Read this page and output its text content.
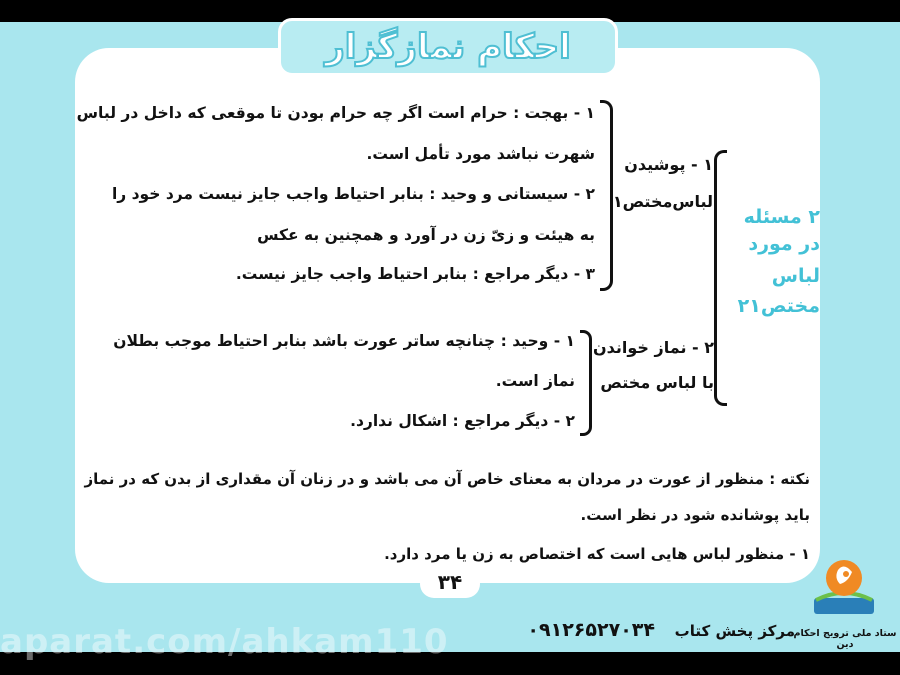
احکام نمازگزار
۲ مسئله
در مورد
لباس
مختص۲۱
۱ - پوشیدن
لباس‌مختص۱
۱ - بهجت : حرام است اگر چه حرام بودن تا موقعی که داخل در لباس
شهرت نباشد مورد تأمل است.
۲ - سیستانی و وحید : بنابر احتیاط واجب جایز نیست مرد خود را
به هیئت و زیّ زن در آورد و همچنین به عکس
۳ - دیگر مراجع : بنابر احتیاط واجب جایز نیست.
۲ - نماز خواندن
با لباس مختص
۱ - وحید : چنانچه ساتر عورت باشد بنابر احتیاط موجب بطلان
نماز است.
۲ - دیگر مراجع : اشکال ندارد.
نکته : منظور از عورت در مردان به معنای خاص آن می باشد و در زنان آن مقداری از بدن که در نماز
باید پوشانده شود در نظر است.
۱ - منظور لباس هایی است که اختصاص به زن یا مرد دارد.
۳۴
مرکز پخش کتاب
۰۹۱۲۶۵۲۷۰۳۴	ستاد ملی ترویج احکام دین
aparat.com/ahkam110
